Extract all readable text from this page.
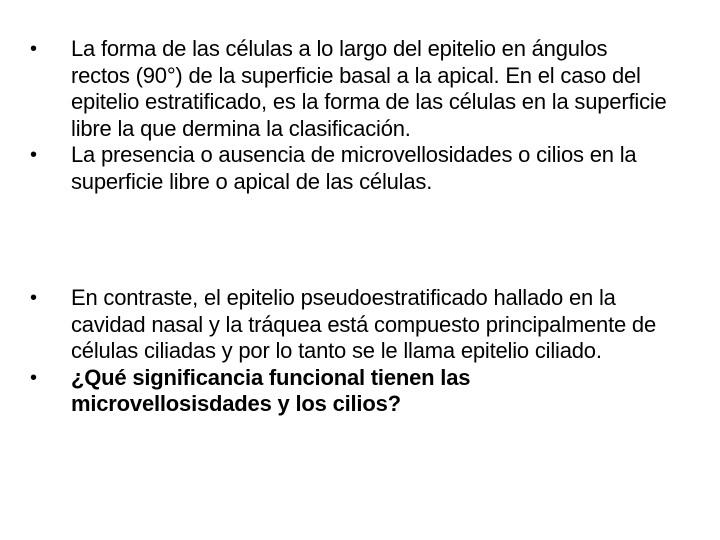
•	La forma de las células a lo largo del epitelio en ángulos rectos (90°) de la superficie basal a la apical. En el caso del epitelio estratificado, es la forma de las células en la superficie libre la que dermina la clasificación.
•	La presencia o ausencia de microvellosidades o cilios en la superficie libre o apical de las células.
•	En contraste, el epitelio pseudoestratificado hallado en la cavidad nasal y la tráquea está compuesto principalmente de células ciliadas y por lo tanto se le llama epitelio ciliado.
•	¿Qué significancia funcional tienen las microvellosisdades y los cilios?
